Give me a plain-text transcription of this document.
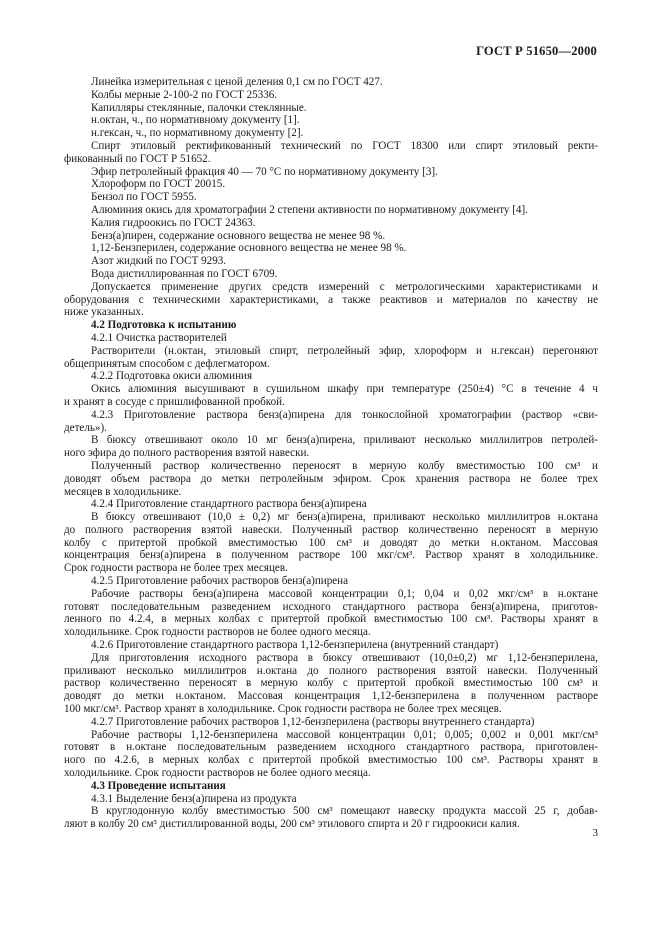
ГОСТ Р 51650—2000

Линейка измерительная с ценой деления 0,1 см по ГОСТ 427.

Колбы мерные 2-100-2 по ГОСТ 25336.

Капилляры стеклянные, палочки стеклянные.

н.октан, ч., по нормативному документу [1].

н.гексан, ч., по нормативному документу [2].

Спирт этиловый ректификованный технический по ГОСТ 18300 или спирт этиловый ректи-

фикованный по ГОСТ Р 51652.

Эфир петролейный фракция 40 — 70 °С по нормативному документу [3].

Хлороформ по ГОСТ 20015.

Бензол по ГОСТ 5955.

Алюминия окись для хроматографии 2 степени активности по нормативному документу [4].

Калия гидроокись по ГОСТ 24363.

Бенз(а)пирен, содержание основного вещества не менее 98 %.

1,12-Бензперилен, содержание основного вещества не менее 98 %.

Азот жидкий по ГОСТ 9293.

Вода дистиллированная по ГОСТ 6709.

Допускается применение других средств измерений с метрологическими характеристиками и

оборудования с техническими характеристиками, а также реактивов и материалов по качеству не

ниже указанных.

4.2 Подготовка к испытанию

4.2.1 Очистка растворителей

Растворители (н.октан, этиловый спирт, петролейный эфир, хлороформ и н.гексан) перегоняют

общепринятым способом с дефлегматором.

4.2.2 Подготовка окиси алюминия

Окись алюминия высушивают в сушильном шкафу при температуре (250±4) °С в течение 4 ч

и хранят в сосуде с пришлифованной пробкой.

4.2.3 Приготовление раствора бенз(а)пирена для тонкослойной хроматографии (раствор «сви-

детель»).

В бюксу отвешивают около 10 мг бенз(а)пирена, приливают несколько миллилитров петролей-

ного эфира до полного растворения взятой навески.

Полученный раствор количественно переносят в мерную колбу вместимостью 100 см³ и

доводят объем раствора до метки петролейным эфиром. Срок хранения раствора не более трех

месяцев в холодильнике.

4.2.4 Приготовление стандартного раствора бенз(а)пирена

В бюксу отвешивают (10,0 ± 0,2) мг бенз(а)пирена, приливают несколько миллилитров н.октана

до полного растворения взятой навески. Полученный раствор количественно переносят в мерную

колбу с притертой пробкой вместимостью 100 см³ и доводят до метки н.октаном. Массовая

концентрация бенз(а)пирена в полученном растворе 100 мкг/см³. Раствор хранят в холодильнике.

Срок годности раствора не более трех месяцев.

4.2.5 Приготовление рабочих растворов бенз(а)пирена

Рабочие растворы бенз(а)пирена массовой концентрации 0,1; 0,04 и 0,02 мкг/см³ в н.октане

готовят последовательным разведением исходного стандартного раствора бенз(а)пирена, приготов-

ленного по 4.2.4, в мерных колбах с притертой пробкой вместимостью 100 см³. Растворы хранят в

холодильнике. Срок годности растворов не более одного месяца.

4.2.6 Приготовление стандартного раствора 1,12-бензперилена (внутренний стандарт)

Для приготовления исходного раствора в бюксу отвешивают (10,0±0,2) мг 1,12-бензперилена,

приливают несколько миллилитров н.октана до полного растворения взятой навески. Полученный

раствор количественно переносят в мерную колбу с притертой пробкой вместимостью 100 см³ и

доводят до метки н.октаном. Массовая концентрация 1,12-бензперилена в полученном растворе

100 мкг/см³. Раствор хранят в холодильнике. Срок годности раствора не более трех месяцев.

4.2.7 Приготовление рабочих растворов 1,12-бензперилена (растворы внутреннего стандарта)

Рабочие растворы 1,12-бензперилена массовой концентрации 0,01; 0,005; 0,002 и 0,001 мкг/см³

готовят в н.октане последовательным разведением исходного стандартного раствора, приготовлен-

ного по 4.2.6, в мерных колбах с притертой пробкой вместимостью 100 см³. Растворы хранят в

холодильнике. Срок годности растворов не более одного месяца.

4.3 Проведение испытания

4.3.1 Выделение бенз(а)пирена из продукта

В круглодонную колбу вместимостью 500 см³ помещают навеску продукта массой 25 г, добав-

ляют в колбу 20 см³ дистиллированной воды, 200 см³ этилового спирта и 20 г гидроокиси калия.

3
